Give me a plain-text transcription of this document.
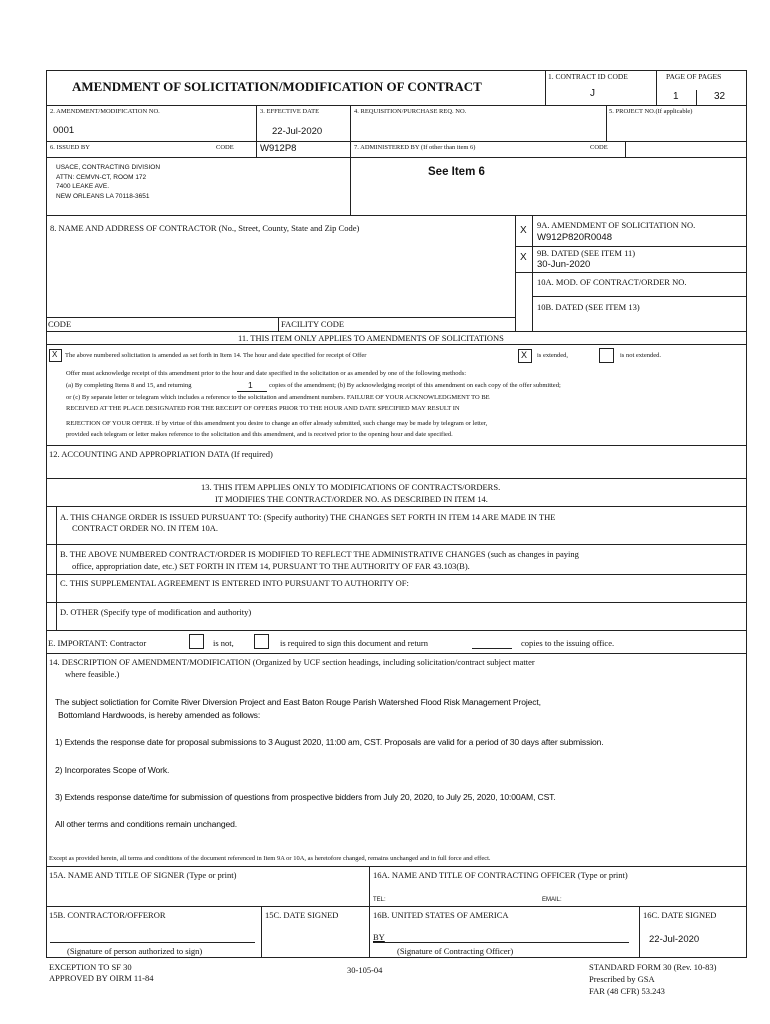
AMENDMENT OF SOLICITATION/MODIFICATION OF CONTRACT
1. CONTRACT ID CODE
J
PAGE OF PAGES
1	32
2. AMENDMENT/MODIFICATION NO.
0001
3. EFFECTIVE DATE
22-Jul-2020
4. REQUISITION/PURCHASE REQ. NO.	5. PROJECT NO.(If applicable)
6. ISSUED BY	CODE	W912P8
USACE, CONTRACTING DIVISION
ATTN: CEMVN-CT, ROOM 172
7400 LEAKE AVE.
NEW ORLEANS LA 70118-3651
7. ADMINISTERED BY (If other than item 6)	CODE
See Item 6
8. NAME AND ADDRESS OF CONTRACTOR (No., Street, County, State and Zip Code)	X 9A. AMENDMENT OF SOLICITATION NO.
W912P820R0048
X 9B. DATED (SEE ITEM 11)
30-Jun-2020
10A. MOD. OF CONTRACT/ORDER NO.
10B. DATED (SEE ITEM 13)
CODE	FACILITY CODE
11. THIS ITEM ONLY APPLIES TO AMENDMENTS OF SOLICITATIONS
X The above numbered solicitation is amended as set forth in Item 14. The hour and date specified for receipt of Offer	X is extended,	is not extended.
Offer must acknowledge receipt of this amendment prior to the hour and date specified in the solicitation or as amended by one of the following methods:
(a) By completing Items 8 and 15, and returning	1	copies of the amendment; (b) By acknowledging receipt of this amendment on each copy of the offer submitted;
or (c) By separate letter or telegram which includes a reference to the solicitation and amendment numbers. FAILURE OF YOUR ACKNOWLEDGMENT TO BE
RECEIVED AT THE PLACE DESIGNATED FOR THE RECEIPT OF OFFERS PRIOR TO THE HOUR AND DATE SPECIFIED MAY RESULT IN
REJECTION OF YOUR OFFER. If by virtue of this amendment you desire to change an offer already submitted, such change may be made by telegram or letter,
provided each telegram or letter makes reference to the solicitation and this amendment, and is received prior to the opening hour and date specified.
12. ACCOUNTING AND APPROPRIATION DATA (If required)
13. THIS ITEM APPLIES ONLY TO MODIFICATIONS OF CONTRACTS/ORDERS.
IT MODIFIES THE CONTRACT/ORDER NO. AS DESCRIBED IN ITEM 14.
A. THIS CHANGE ORDER IS ISSUED PURSUANT TO: (Specify authority) THE CHANGES SET FORTH IN ITEM 14 ARE MADE IN THE
CONTRACT ORDER NO. IN ITEM 10A.
B. THE ABOVE NUMBERED CONTRACT/ORDER IS MODIFIED TO REFLECT THE ADMINISTRATIVE CHANGES (such as changes in paying
office, appropriation date, etc.) SET FORTH IN ITEM 14, PURSUANT TO THE AUTHORITY OF FAR 43.103(B).
C. THIS SUPPLEMENTAL AGREEMENT IS ENTERED INTO PURSUANT TO AUTHORITY OF:
D. OTHER (Specify type of modification and authority)
E. IMPORTANT: Contractor	is not,	is required to sign this document and return	copies to the issuing office.
14. DESCRIPTION OF AMENDMENT/MODIFICATION (Organized by UCF section headings, including solicitation/contract subject matter
where feasible.)
The subject solictiation for Comite River Diversion Project and East Baton Rouge Parish Watershed Flood Risk Management Project,
Bottomland Hardwoods, is hereby amended as follows:
1) Extends the response date for proposal submissions to 3 August 2020, 11:00 am, CST. Proposals are valid for a period of 30 days after submission.
2) Incorporates Scope of Work.
3) Extends response date/time for submission of questions from prospective bidders from July 20, 2020, to July 25, 2020, 10:00AM, CST.
All other terms and conditions remain unchanged.
Except as provided herein, all terms and conditions of the document referenced in Item 9A or 10A, as heretofore changed, remains unchanged and in full force and effect.
15A. NAME AND TITLE OF SIGNER (Type or print)	16A. NAME AND TITLE OF CONTRACTING OFFICER (Type or print)
TEL:	EMAIL:
15B. CONTRACTOR/OFFEROR	15C. DATE SIGNED	16B. UNITED STATES OF AMERICA	16C. DATE SIGNED
BY	22-Jul-2020
(Signature of person authorized to sign)	(Signature of Contracting Officer)
EXCEPTION TO SF 30
APPROVED BY OIRM 11-84
30-105-04	STANDARD FORM 30 (Rev. 10-83)
Prescribed by GSA
FAR (48 CFR) 53.243
